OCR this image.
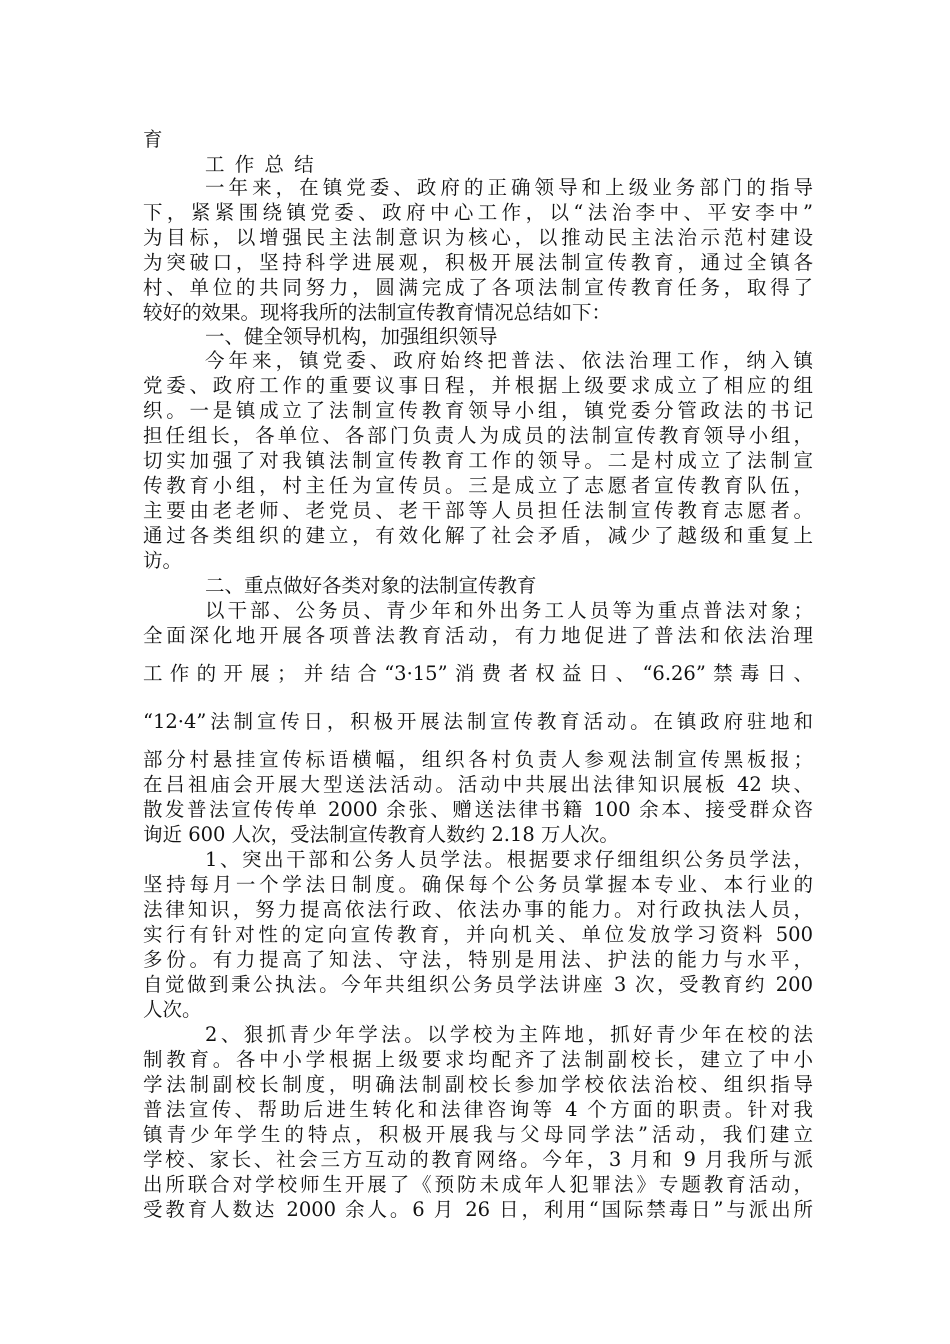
育
工 作 总 结
一年来，在镇党委、政府的正确领导和上级业务部门的指导
下，紧紧围绕镇党委、政府中心工作，以“法治李中、平安李中”
为目标，以增强民主法制意识为核心，以推动民主法治示范村建设
为突破口，坚持科学进展观，积极开展法制宣传教育，通过全镇各
村、单位的共同努力，圆满完成了各项法制宣传教育任务，取得了
较好的效果。现将我所的法制宣传教育情况总结如下：
一、健全领导机构，加强组织领导
今年来，镇党委、政府始终把普法、依法治理工作，纳入镇
党委、政府工作的重要议事日程，并根据上级要求成立了相应的组
织。一是镇成立了法制宣传教育领导小组，镇党委分管政法的书记
担任组长，各单位、各部门负责人为成员的法制宣传教育领导小组，
切实加强了对我镇法制宣传教育工作的领导。二是村成立了法制宣
传教育小组，村主任为宣传员。三是成立了志愿者宣传教育队伍，
主要由老老师、老党员、老干部等人员担任法制宣传教育志愿者。
通过各类组织的建立，有效化解了社会矛盾，减少了越级和重复上
访。
二、重点做好各类对象的法制宣传教育
以干部、公务员、青少年和外出务工人员等为重点普法对象；
全面深化地开展各项普法教育活动，有力地促进了普法和依法治理
工作的开展；并结合“3·15”消费者权益日、“6.26”禁毒日、
“12·4”法制宣传日，积极开展法制宣传教育活动。在镇政府驻地和
部分村悬挂宣传标语横幅，组织各村负责人参观法制宣传黑板报；
在吕祖庙会开展大型送法活动。活动中共展出法律知识展板 42 块、
散发普法宣传传单 2000 余张、赠送法律书籍 100 余本、接受群众咨
询近 600 人次，受法制宣传教育人数约 2.18 万人次。
1、突出干部和公务人员学法。根据要求仔细组织公务员学法，
坚持每月一个学法日制度。确保每个公务员掌握本专业、本行业的
法律知识，努力提高依法行政、依法办事的能力。对行政执法人员，
实行有针对性的定向宣传教育，并向机关、单位发放学习资料 500
多份。有力提高了知法、守法，特别是用法、护法的能力与水平，
自觉做到秉公执法。今年共组织公务员学法讲座 3 次，受教育约 200
人次。
2、狠抓青少年学法。以学校为主阵地，抓好青少年在校的法
制教育。各中小学根据上级要求均配齐了法制副校长，建立了中小
学法制副校长制度，明确法制副校长参加学校依法治校、组织指导
普法宣传、帮助后进生转化和法律咨询等 4 个方面的职责。针对我
镇青少年学生的特点，积极开展我与父母同学法”活动，我们建立
学校、家长、社会三方互动的教育网络。今年，3 月和 9 月我所与派
出所联合对学校师生开展了《预防未成年人犯罪法》专题教育活动，
受教育人数达 2000 余人。6 月 26 日，利用“国际禁毒日”与派出所
